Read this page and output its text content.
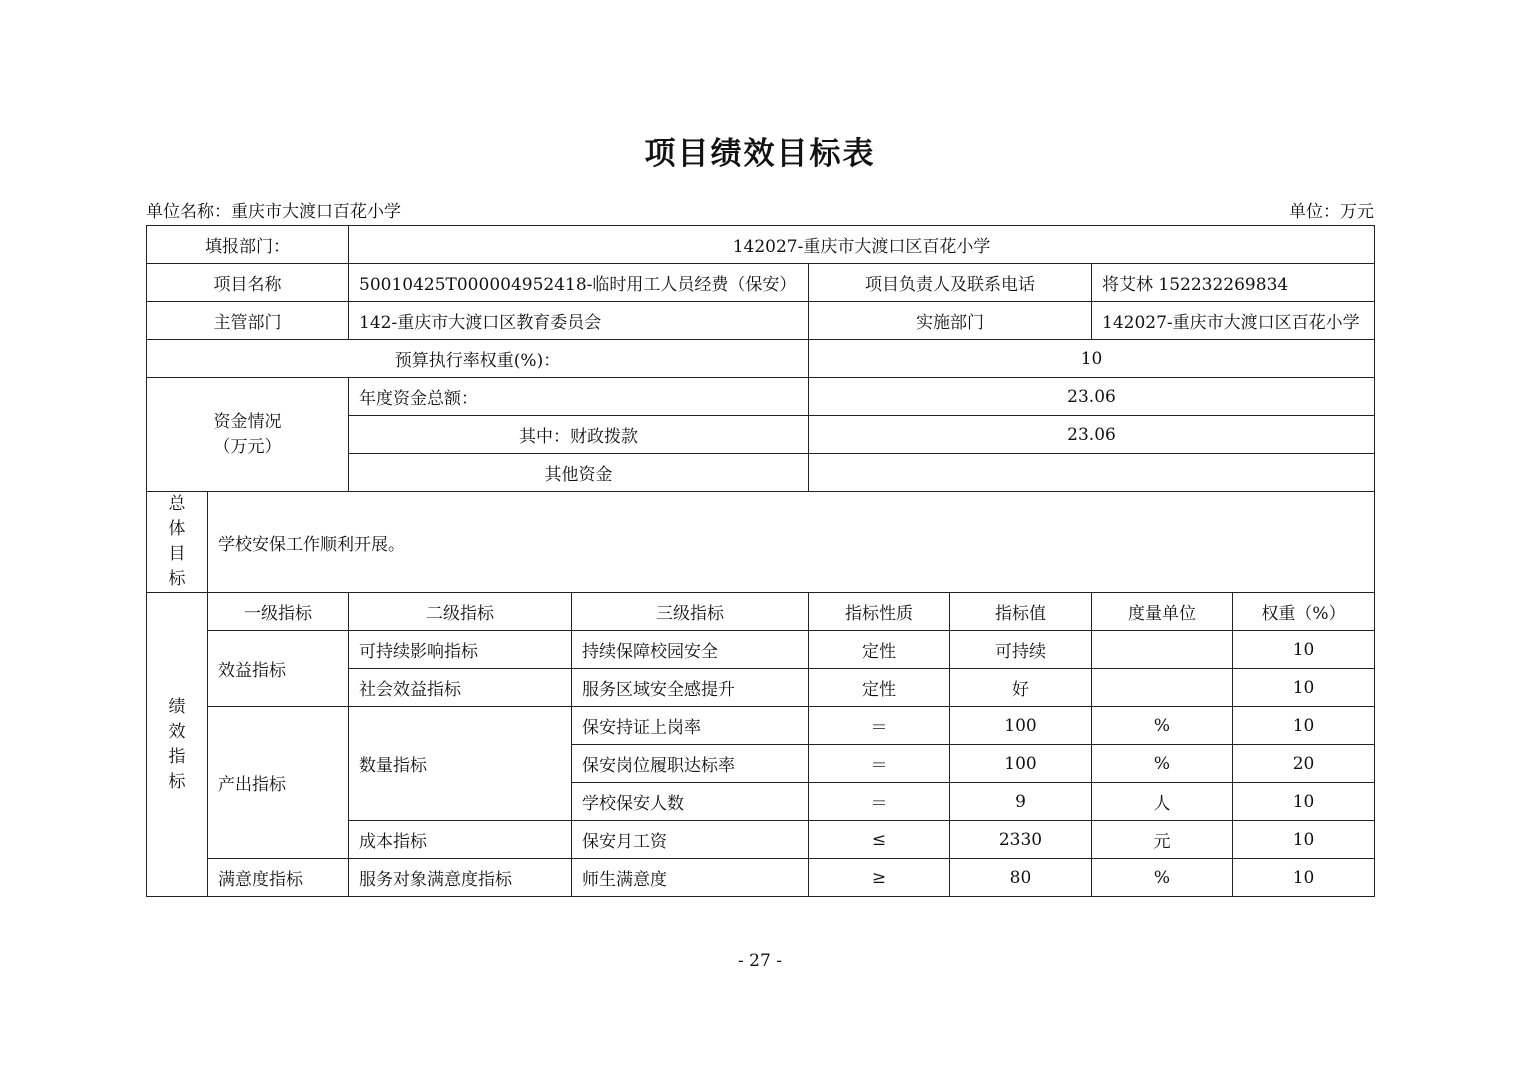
项目绩效目标表
单位名称：重庆市大渡口百花小学	单位：万元
填报部门：		142027-重庆市大渡口区百花小学					
项目名称		50010425T000004952418-临时用工人员经费（保安）		项目负责人及联系电话		将艾林 152232269834	
主管部门		142-重庆市大渡口区教育委员会		实施部门		142027-重庆市大渡口区百花小学	
预算执行率权重(%)：				10			

资金情况
（万元）		年度资金总额：		23.06			
		其中：财政拨款		23.06			
		其他资金					

总
体
目
标	学校安保工作顺利开展。						

绩
效
指
标	一级指标	二级指标	三级指标	指标性质	指标值	度量单位	权重（%）
	效益指标	可持续影响指标	持续保障校园安全	定性	可持续		10
		社会效益指标	服务区域安全感提升	定性	好		10
	产出指标	数量指标	保安持证上岗率	＝	100	%	10
			保安岗位履职达标率	＝	100	%	20
			学校保安人数	＝	9	人	10
		成本指标	保安月工资	≤	2330	元	10
	满意度指标	服务对象满意度指标	师生满意度	≥	80	%	10
- 27 -
